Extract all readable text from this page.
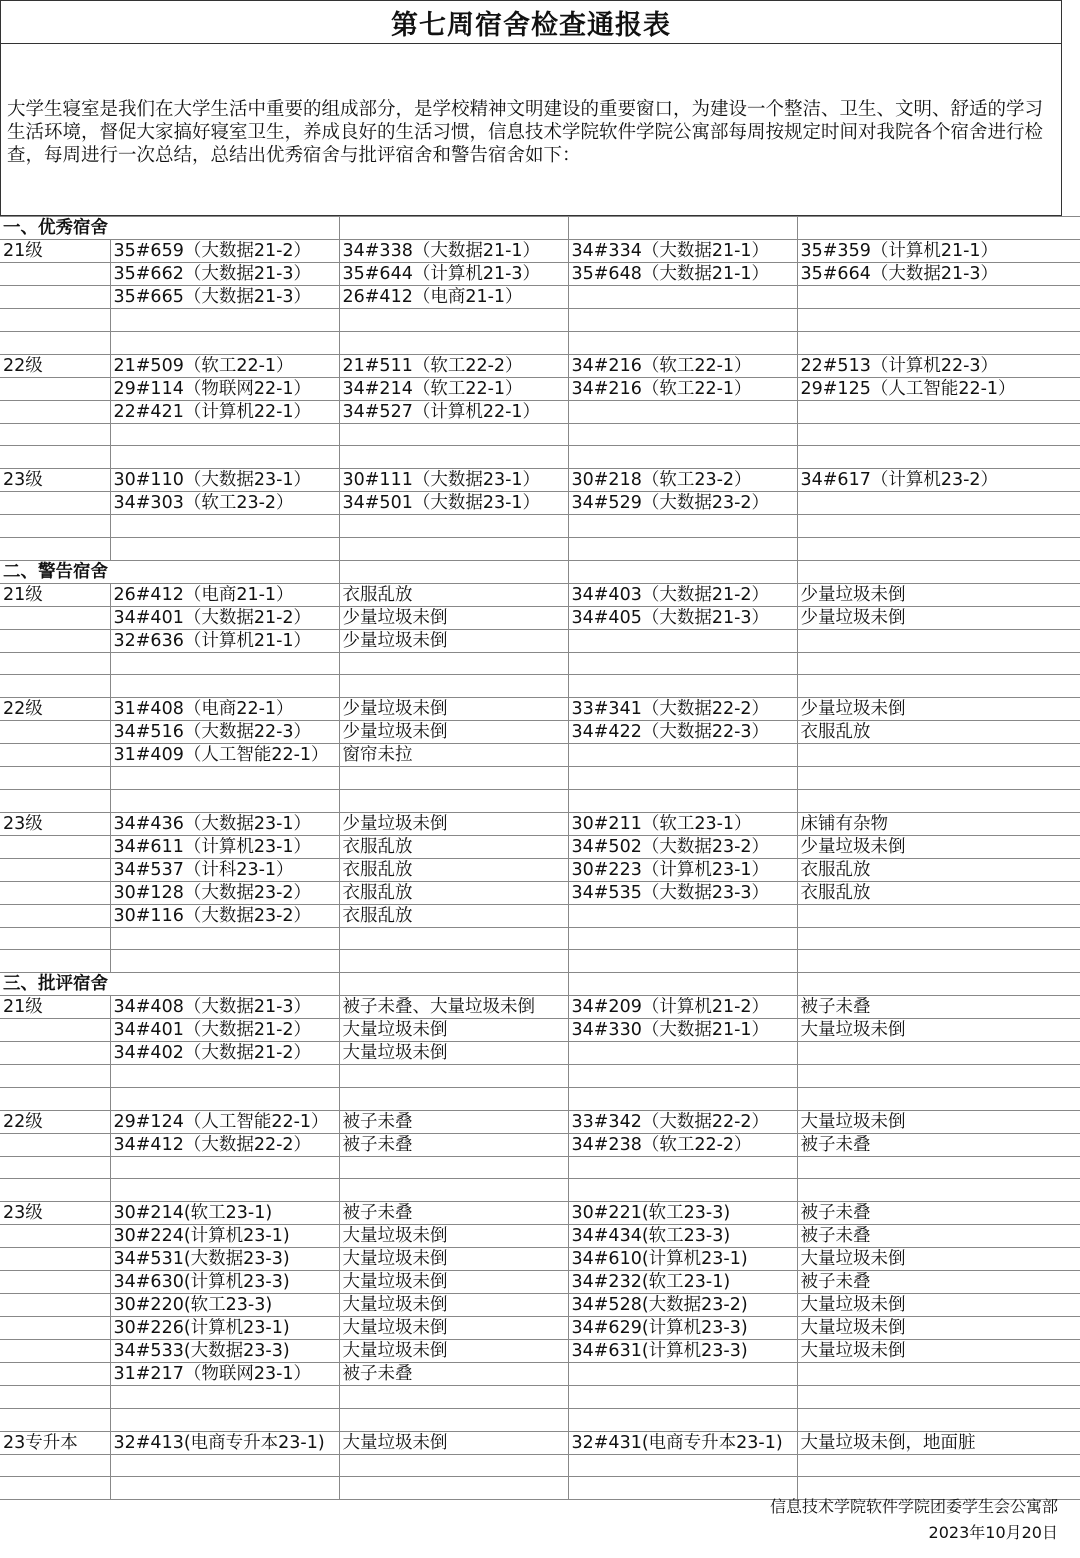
第七周宿舍检查通报表
大学生寝室是我们在大学生活中重要的组成部分，是学校精神文明建设的重要窗口，为建设一个整洁、卫生、文明、舒适的学习生活环境，督促大家搞好寝室卫生，养成良好的生活习惯，信息技术学院软件学院公寓部每周按规定时间对我院各个宿舍进行检查，每周进行一次总结，总结出优秀宿舍与批评宿舍和警告宿舍如下：
一、优秀宿舍				
21级	35#659（大数据21-2）	34#338（大数据21-1）	34#334（大数据21-1）	35#359（计算机21-1）
	35#662（大数据21-3）	35#644（计算机21-3）	35#648（大数据21-1）	35#664（大数据21-3）
	35#665（大数据21-3）	26#412（电商21-1）		

22级	21#509（软工22-1）	21#511（软工22-2）	34#216（软工22-1）	22#513（计算机22-3）
	29#114（物联网22-1）	34#214（软工22-1）	34#216（软工22-1）	29#125（人工智能22-1）
	22#421（计算机22-1）	34#527（计算机22-1）		

23级	30#110（大数据23-1）	30#111（大数据23-1）	30#218（软工23-2）	34#617（计算机23-2）
	34#303（软工23-2）	34#501（大数据23-1）	34#529（大数据23-2）	

二、警告宿舍				
21级	26#412（电商21-1）	衣服乱放	34#403（大数据21-2）	少量垃圾未倒
	34#401（大数据21-2）	少量垃圾未倒	34#405（大数据21-3）	少量垃圾未倒
	32#636（计算机21-1）	少量垃圾未倒		

22级	31#408（电商22-1）	少量垃圾未倒	33#341（大数据22-2）	少量垃圾未倒
	34#516（大数据22-3）	少量垃圾未倒	34#422（大数据22-3）	衣服乱放
	31#409（人工智能22-1）	窗帘未拉		

23级	34#436（大数据23-1）	少量垃圾未倒	30#211（软工23-1）	床铺有杂物
	34#611（计算机23-1）	衣服乱放	34#502（大数据23-2）	少量垃圾未倒
	34#537（计科23-1）	衣服乱放	30#223（计算机23-1）	衣服乱放
	30#128（大数据23-2）	衣服乱放	34#535（大数据23-3）	衣服乱放
	30#116（大数据23-2）	衣服乱放		

三、批评宿舍				
21级	34#408（大数据21-3）	被子未叠、大量垃圾未倒	34#209（计算机21-2）	被子未叠
	34#401（大数据21-2）	大量垃圾未倒	34#330（大数据21-1）	大量垃圾未倒
	34#402（大数据21-2）	大量垃圾未倒		

22级	29#124（人工智能22-1）	被子未叠	33#342（大数据22-2）	大量垃圾未倒
	34#412（大数据22-2）	被子未叠	34#238（软工22-2）	被子未叠

23级	30#214(软工23-1)	被子未叠	30#221(软工23-3)	被子未叠
	30#224(计算机23-1)	大量垃圾未倒	34#434(软工23-3)	被子未叠
	34#531(大数据23-3)	大量垃圾未倒	34#610(计算机23-1)	大量垃圾未倒
	34#630(计算机23-3)	大量垃圾未倒	34#232(软工23-1)	被子未叠
	30#220(软工23-3)	大量垃圾未倒	34#528(大数据23-2)	大量垃圾未倒
	30#226(计算机23-1)	大量垃圾未倒	34#629(计算机23-3)	大量垃圾未倒
	34#533(大数据23-3)	大量垃圾未倒	34#631(计算机23-3)	大量垃圾未倒
	31#217（物联网23-1）	被子未叠		

23专升本	32#413(电商专升本23-1)	大量垃圾未倒	32#431(电商专升本23-1)	大量垃圾未倒，地面脏

信息技术学院软件学院团委学生会公寓部
2023年10月20日
